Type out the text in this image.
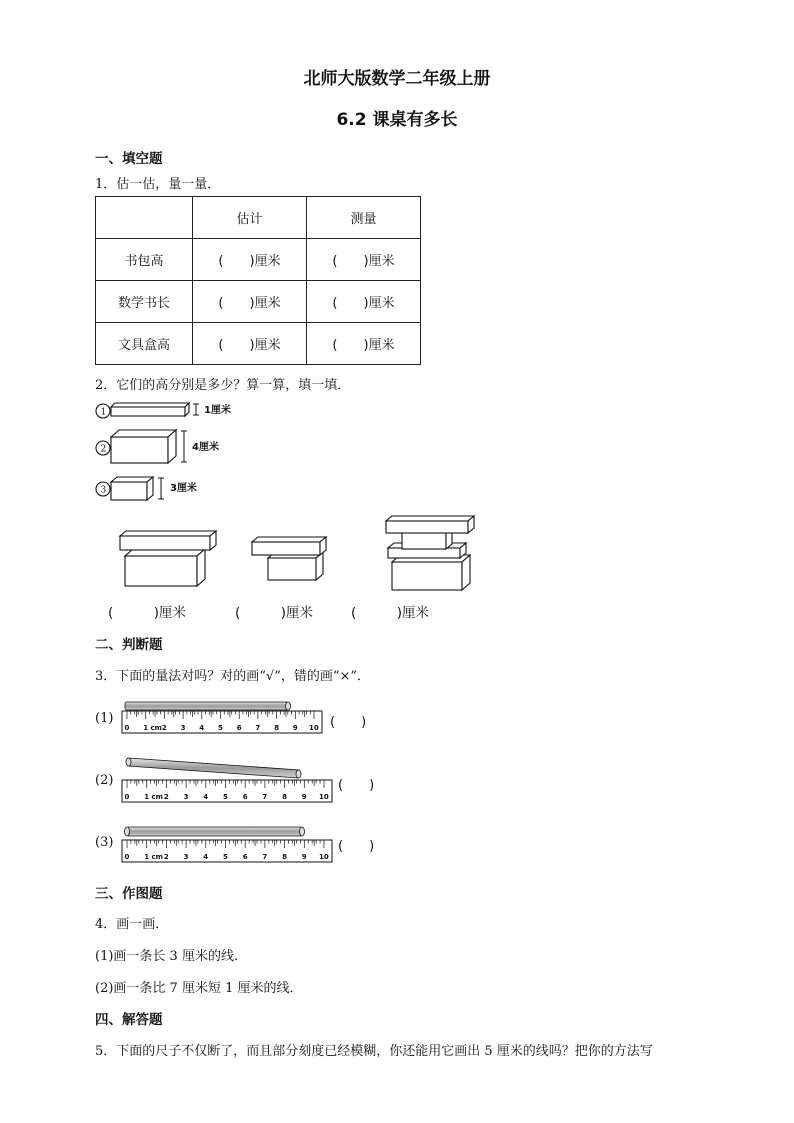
北师大版数学二年级上册
6.2 课桌有多长
一、填空题
1．估一估，量一量．
	估计	测量
书包高	(　　)厘米	(　　)厘米
数学书长	(　　)厘米	(　　)厘米
文具盒高	(　　)厘米	(　　)厘米
2．它们的高分别是多少？算一算，填一填．
1
2
3
1厘米
4厘米
3厘米
(　　　)厘米	(　　　)厘米	(　　　)厘米
二、判断题
3．下面的量法对吗？对的画“√”，错的画“×”．
(1)	(　　)
(2)	(　　)
(3)	(　　)
0 1 cm 2 3 4 5 6 7 8 9 10
0 1 cm 2 3 4 5 6 7 8 9 10
0 1 cm 2 3 4 5 6 7 8 9 10
三、作图题
4．画一画．
(1)画一条长 3 厘米的线．
(2)画一条比 7 厘米短 1 厘米的线．
四、解答题
5．下面的尺子不仅断了，而且部分刻度已经模糊，你还能用它画出 5 厘米的线吗？把你的方法写
